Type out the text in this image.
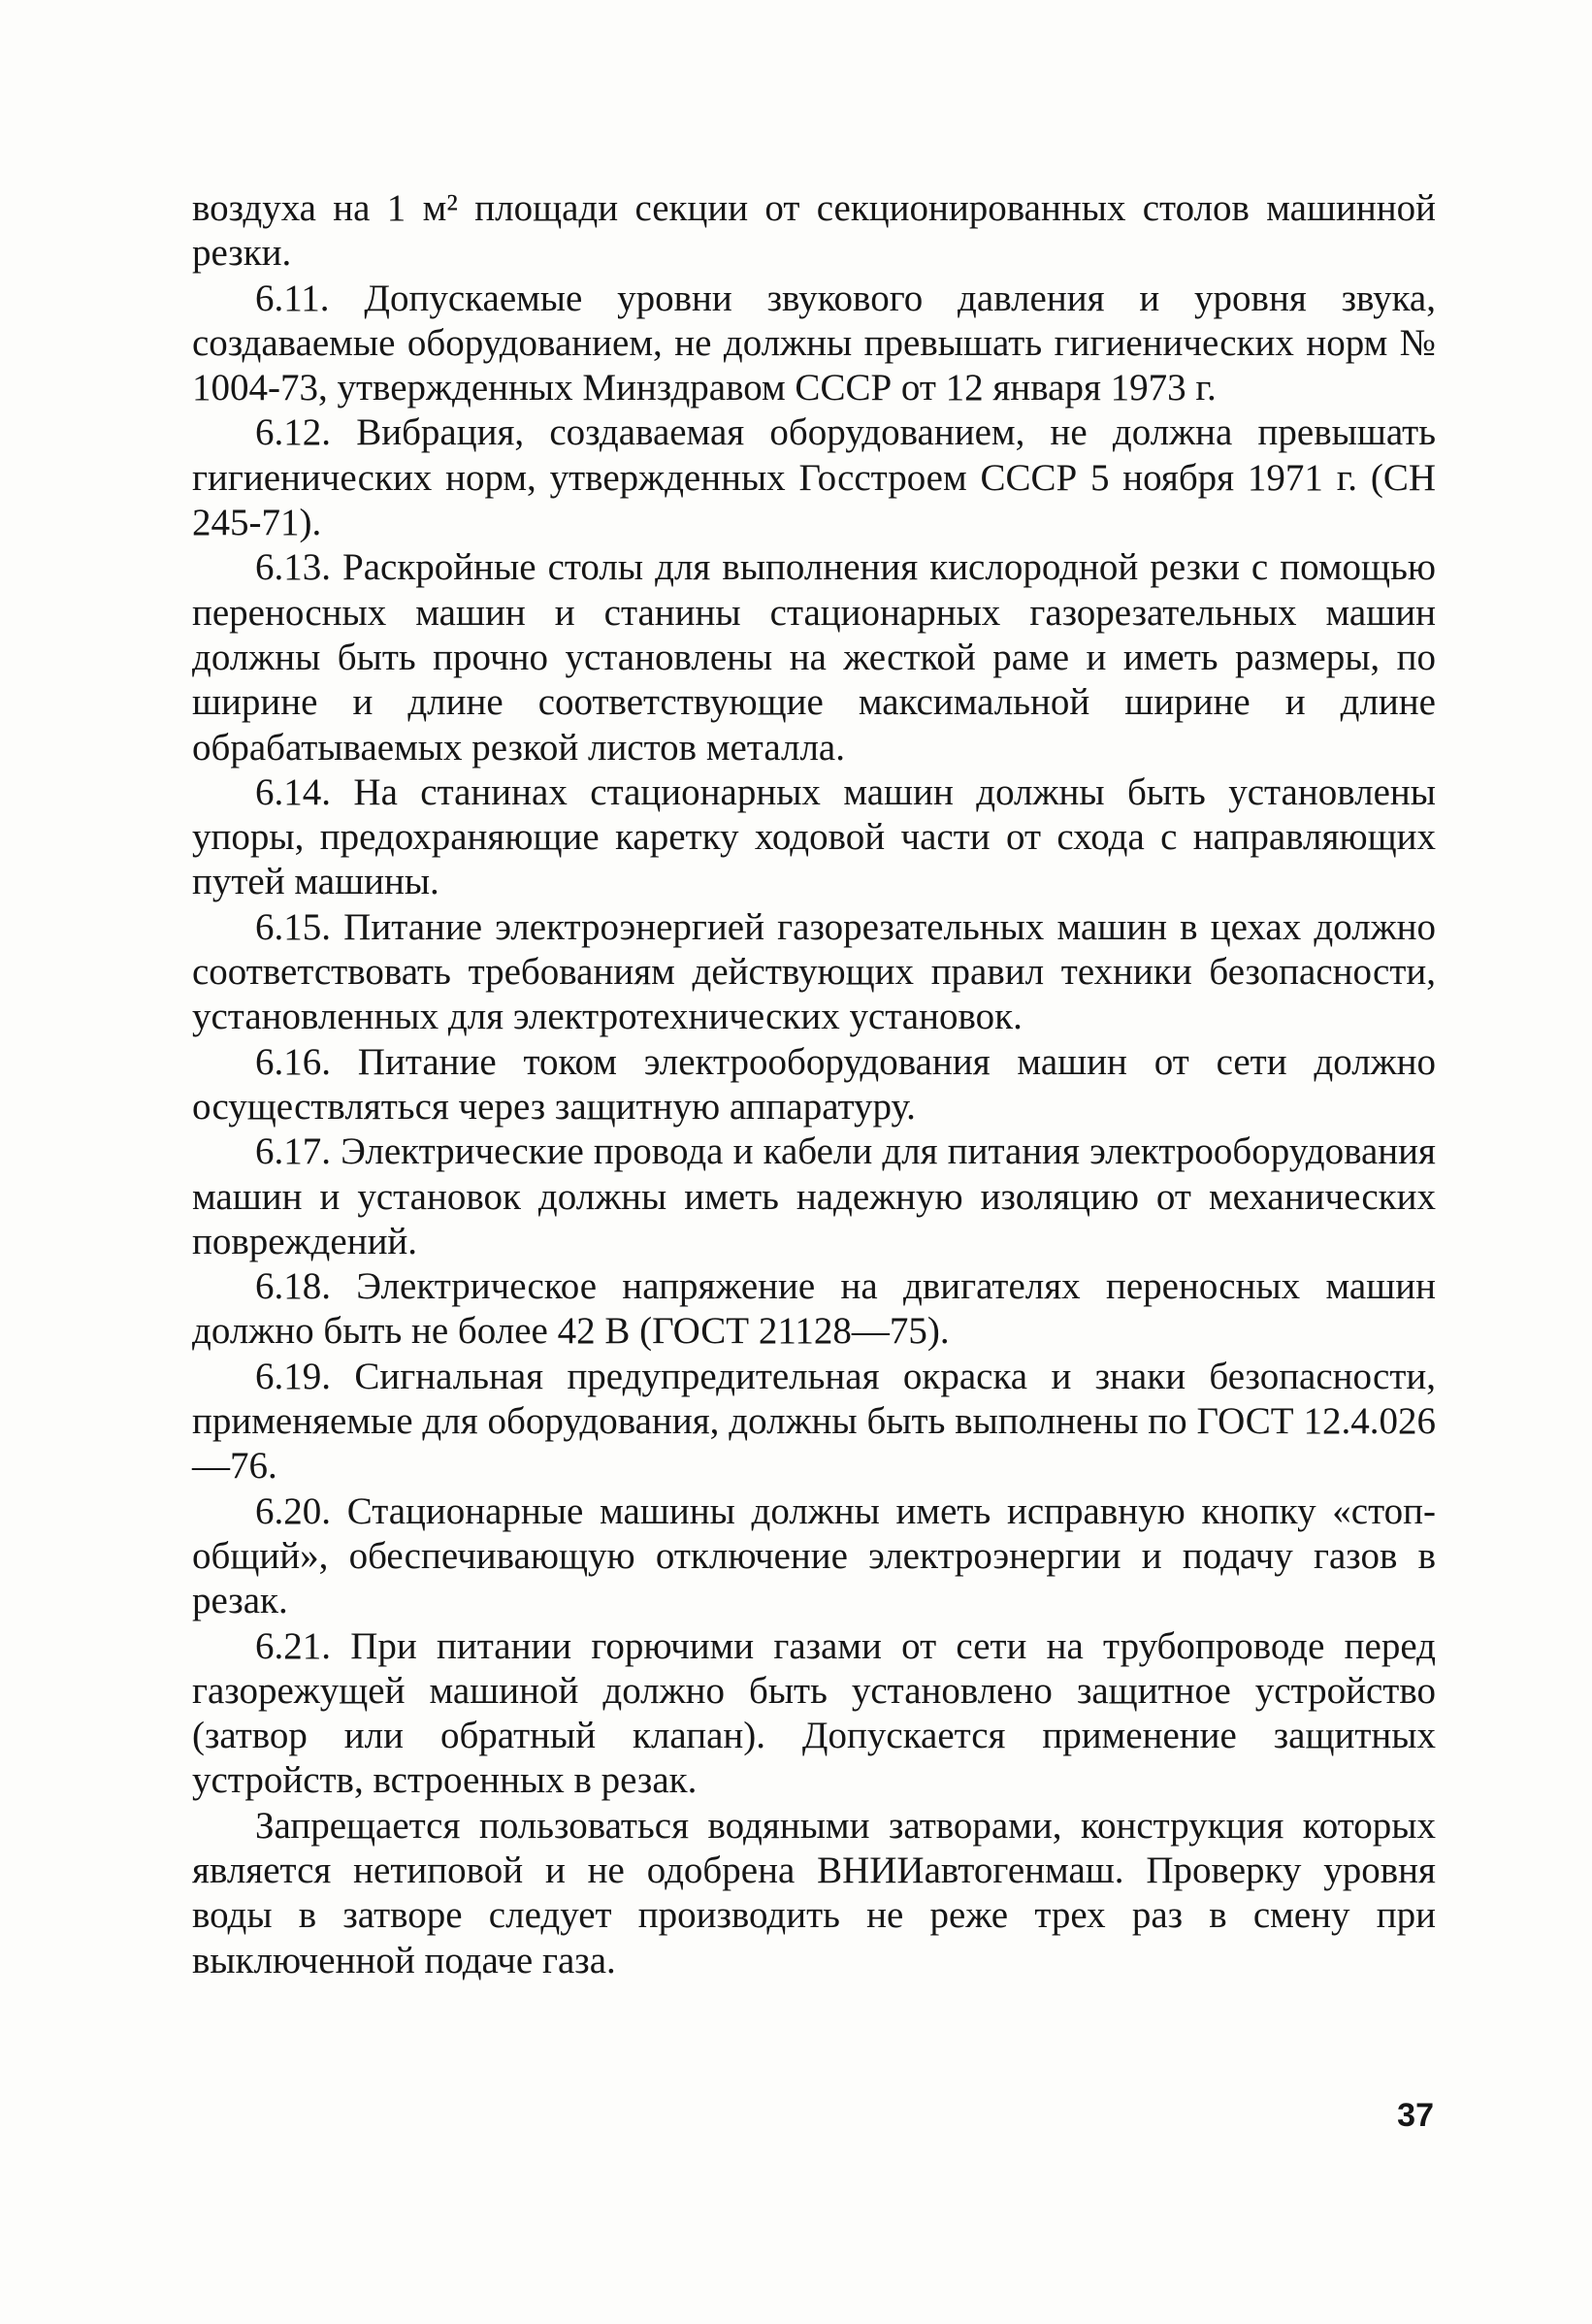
воздуха на 1 м² площади секции от секционированных столов машинной резки.

6.11. Допускаемые уровни звукового давления и уровня звука, создаваемые оборудованием, не должны превышать гигиенических норм № 1004-73, утвержденных Минздравом СССР от 12 января 1973 г.

6.12. Вибрация, создаваемая оборудованием, не должна превышать гигиенических норм, утвержденных Госстроем СССР 5 ноября 1971 г. (СН 245-71).

6.13. Раскройные столы для выполнения кислородной резки с помощью переносных машин и станины стационарных газорезательных машин должны быть прочно установлены на жесткой раме и иметь размеры, по ширине и длине соответствующие максимальной ширине и длине обрабатываемых резкой листов металла.

6.14. На станинах стационарных машин должны быть установлены упоры, предохраняющие каретку ходовой части от схода с направляющих путей машины.

6.15. Питание электроэнергией газорезательных машин в цехах должно соответствовать требованиям действующих правил техники безопасности, установленных для электротехнических установок.

6.16. Питание током электрооборудования машин от сети должно осуществляться через защитную аппаратуру.

6.17. Электрические провода и кабели для питания электрооборудования машин и установок должны иметь надежную изоляцию от механических повреждений.

6.18. Электрическое напряжение на двигателях переносных машин должно быть не более 42 В (ГОСТ 21128—75).

6.19. Сигнальная предупредительная окраска и знаки безопасности, применяемые для оборудования, должны быть выполнены по ГОСТ 12.4.026—76.

6.20. Стационарные машины должны иметь исправную кнопку «стоп-общий», обеспечивающую отключение электроэнергии и подачу газов в резак.

6.21. При питании горючими газами от сети на трубопроводе перед газорежущей машиной должно быть установлено защитное устройство (затвор или обратный клапан). Допускается применение защитных устройств, встроенных в резак.

Запрещается пользоваться водяными затворами, конструкция которых является нетиповой и не одобрена ВНИИавтогенмаш. Проверку уровня воды в затворе следует производить не реже трех раз в смену при выключенной подаче газа.

37
